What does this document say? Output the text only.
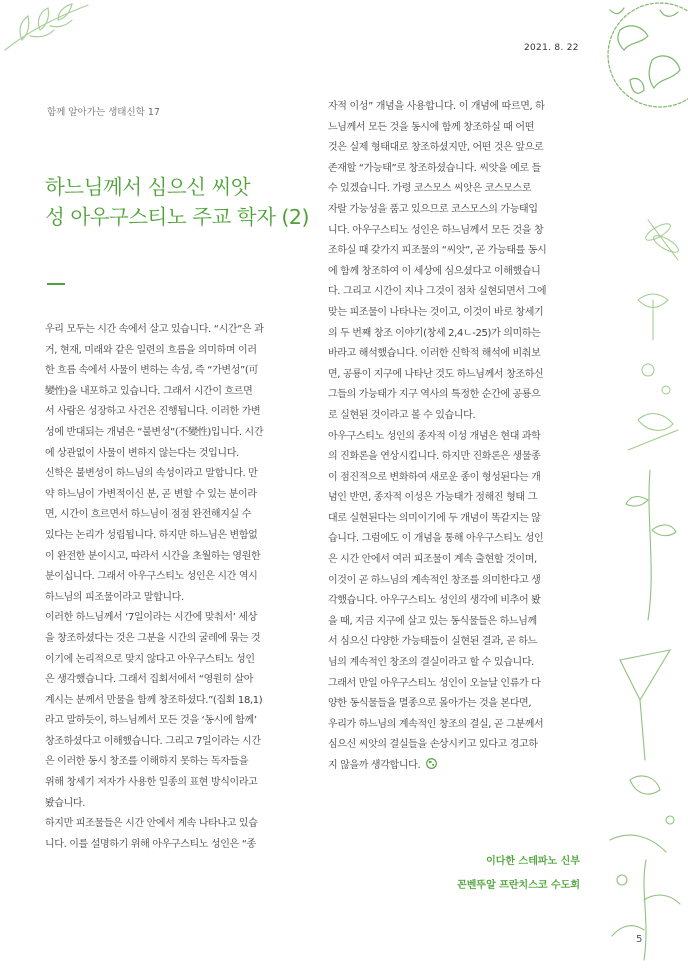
2021. 8. 22
함께 알아가는 생태신학 17
하느님께서 심으신 씨앗
성 아우구스티노 주교 학자 (2)
우리 모두는 시간 속에서 살고 있습니다. “시간”은 과
거, 현재, 미래와 같은 일련의 흐름을 의미하며 이러
한 흐름 속에서 사물이 변하는 속성, 즉 “가변성”(可
變性)을 내포하고 있습니다. 그래서 시간이 흐르면
서 사람은 성장하고 사건은 진행됩니다. 이러한 가변
성에 반대되는 개념은 “불변성”(不變性)입니다. 시간
에 상관없이 사물이 변하지 않는다는 것입니다.
신학은 불변성이 하느님의 속성이라고 말합니다. 만
약 하느님이 가변적이신 분, 곧 변할 수 있는 분이라
면, 시간이 흐르면서 하느님이 점점 완전해지실 수
있다는 논리가 성립됩니다. 하지만 하느님은 변함없
이 완전한 분이시고, 따라서 시간을 초월하는 영원한
분이십니다. 그래서 아우구스티노 성인은 시간 역시
하느님의 피조물이라고 말합니다.
이러한 하느님께서 ‘7일이라는 시간에 맞춰서’ 세상
을 창조하셨다는 것은 그분을 시간의 굴레에 묶는 것
이기에 논리적으로 맞지 않다고 아우구스티노 성인
은 생각했습니다. 그래서 집회서에서 “영원히 살아
계시는 분께서 만물을 함께 창조하셨다.”(집회 18,1)
라고 말하듯이, 하느님께서 모든 것을 ‘동시에 함께’
창조하셨다고 이해했습니다. 그리고 7일이라는 시간
은 이러한 동시 창조를 이해하지 못하는 독자들을
위해 창세기 저자가 사용한 일종의 표현 방식이라고
봤습니다.
하지만 피조물들은 시간 안에서 계속 나타나고 있습
니다. 이를 설명하기 위해 아우구스티노 성인은 “종
자적 이성” 개념을 사용합니다. 이 개념에 따르면, 하
느님께서 모든 것을 동시에 함께 창조하실 때 어떤
것은 실제 형태대로 창조하셨지만, 어떤 것은 앞으로
존재할 “가능태”로 창조하셨습니다. 씨앗을 예로 들
수 있겠습니다. 가령 코스모스 씨앗은 코스모스로
자랄 가능성을 품고 있으므로 코스모스의 가능태입
니다. 아우구스티노 성인은 하느님께서 모든 것을 창
조하실 때 갖가지 피조물의 “씨앗”, 곧 가능태를 동시
에 함께 창조하여 이 세상에 심으셨다고 이해했습니
다. 그리고 시간이 지나 그것이 점차 실현되면서 그에
맞는 피조물이 나타나는 것이고, 이것이 바로 창세기
의 두 번째 창조 이야기(창세 2,4ㄴ-25)가 의미하는
바라고 해석했습니다. 이러한 신학적 해석에 비춰보
면, 공룡이 지구에 나타난 것도 하느님께서 창조하신
그들의 가능태가 지구 역사의 특정한 순간에 공룡으
로 실현된 것이라고 볼 수 있습니다.
아우구스티노 성인의 종자적 이성 개념은 현대 과학
의 진화론을 연상시킵니다. 하지만 진화론은 생물종
이 점진적으로 변화하여 새로운 종이 형성된다는 개
념인 반면, 종자적 이성은 가능태가 정해진 형태 그
대로 실현된다는 의미이기에 두 개념이 똑같지는 않
습니다. 그럼에도 이 개념을 통해 아우구스티노 성인
은 시간 안에서 여러 피조물이 계속 출현할 것이며,
이것이 곧 하느님의 계속적인 창조를 의미한다고 생
각했습니다. 아우구스티노 성인의 생각에 비추어 봤
을 때, 지금 지구에 살고 있는 동식물들은 하느님께
서 심으신 다양한 가능태들이 실현된 결과, 곧 하느
님의 계속적인 창조의 결실이라고 할 수 있습니다.
그래서 만일 아우구스티노 성인이 오늘날 인류가 다
양한 동식물들을 멸종으로 몰아가는 것을 본다면,
우리가 하느님의 계속적인 창조의 결실, 곧 그분께서
심으신 씨앗의 결실들을 손상시키고 있다고 경고하
지 않을까 생각합니다.
이다한 스테파노 신부
꼰벤뚜알 프란치스코 수도회
5
